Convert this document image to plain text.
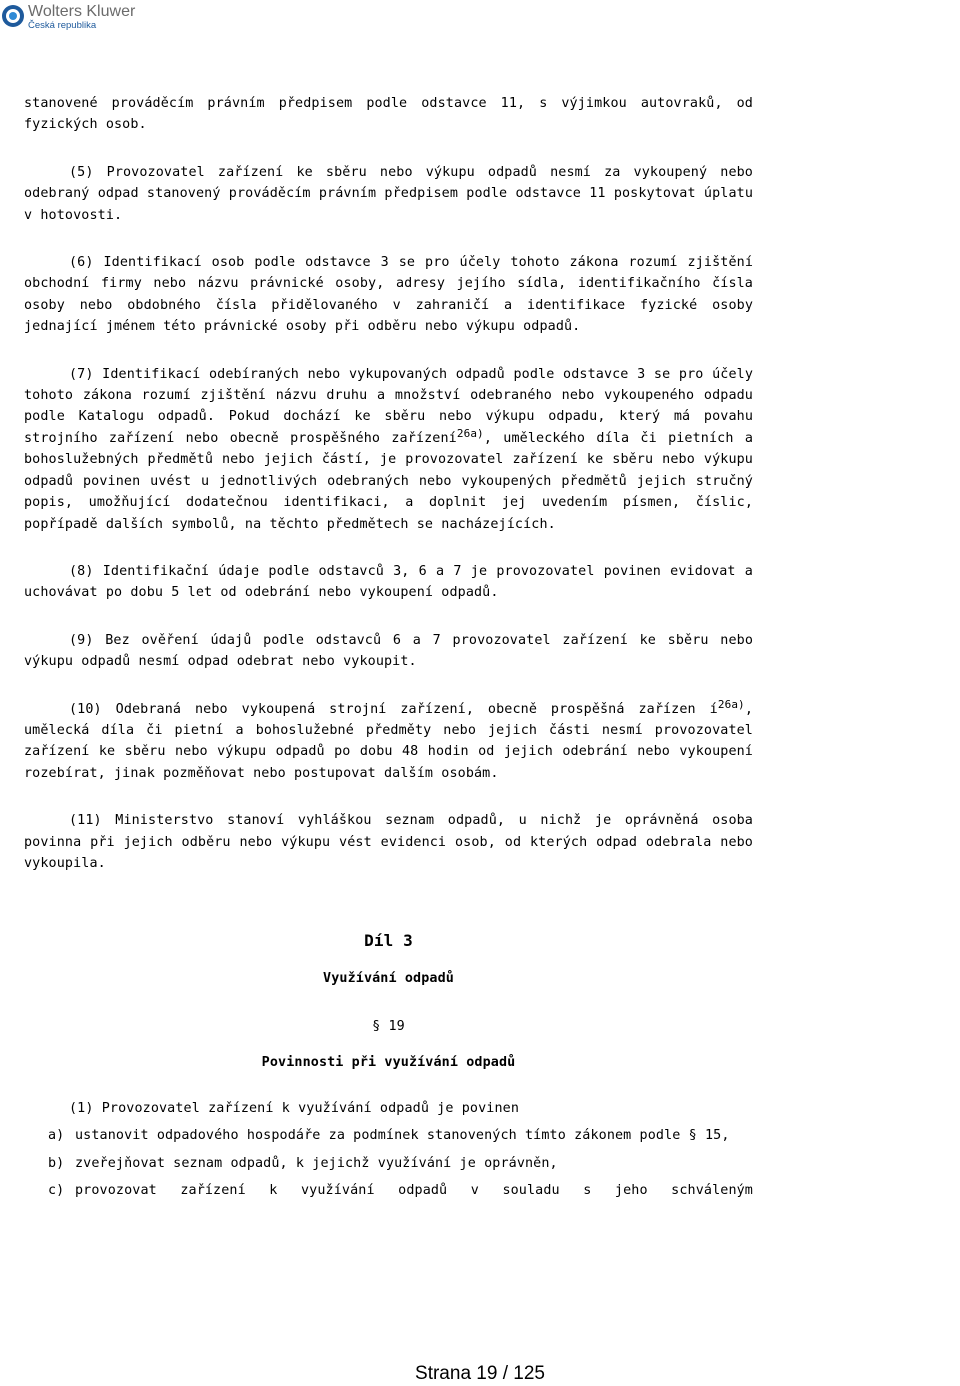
Wolters Kluwer
Česká republika

stanovené prováděcím právním předpisem podle odstavce 11, s výjimkou autovraků, od fyzických osob.

(5) Provozovatel zařízení ke sběru nebo výkupu odpadů nesmí za vykoupený nebo odebraný odpad stanovený prováděcím právním předpisem podle odstavce 11 poskytovat úplatu v hotovosti.

(6) Identifikací osob podle odstavce 3 se pro účely tohoto zákona rozumí zjištění obchodní firmy nebo názvu právnické osoby, adresy jejího sídla, identifikačního čísla osoby nebo obdobného čísla přidělovaného v zahraničí a identifikace fyzické osoby jednající jménem této právnické osoby při odběru nebo výkupu odpadů.

(7) Identifikací odebíraných nebo vykupovaných odpadů podle odstavce 3 se pro účely tohoto zákona rozumí zjištění názvu druhu a množství odebraného nebo vykoupeného odpadu podle Katalogu odpadů. Pokud dochází ke sběru nebo výkupu odpadu, který má povahu strojního zařízení nebo obecně prospěšného zařízení$^{26a)}$, uměleckého díla či pietních a bohoslužebných předmětů nebo jejich částí, je provozovatel zařízení ke sběru nebo výkupu odpadů povinen uvést u jednotlivých odebraných nebo vykoupených předmětů jejich stručný popis, umožňující dodatečnou identifikaci, a doplnit jej uvedením písmen, číslic, popřípadě dalších symbolů, na těchto předmětech se nacházejících.

(8) Identifikační údaje podle odstavců 3, 6 a 7 je provozovatel povinen evidovat a uchovávat po dobu 5 let od odebrání nebo vykoupení odpadů.

(9) Bez ověření údajů podle odstavců 6 a 7 provozovatel zařízení ke sběru nebo výkupu odpadů nesmí odpad odebrat nebo vykoupit.

(10) Odebraná nebo vykoupená strojní zařízení, obecně prospěšná zařízen $í^{26a)}$, umělecká díla či pietní a bohoslužebné předměty nebo jejich části nesmí provozovatel zařízení ke sběru nebo výkupu odpadů po dobu 48 hodin od jejich odebrání nebo vykoupení rozebírat, jinak pozměňovat nebo postupovat dalším osobám.

(11) Ministerstvo stanoví vyhláškou seznam odpadů, u nichž je oprávněná osoba povinna při jejich odběru nebo výkupu vést evidenci osob, od kterých odpad odebrala nebo vykoupila.

Díl 3
Využívání odpadů
§ 19
Povinnosti při využívání odpadů

(1) Provozovatel zařízení k využívání odpadů je povinen

a) ustanovit odpadového hospodáře za podmínek stanovených tímto zákonem podle § 15,
b) zveřejňovat seznam odpadů, k jejichž využívání je oprávněn,
c) provozovat zařízení k využívání odpadů v souladu s jeho schváleným
Strana 19 / 125
